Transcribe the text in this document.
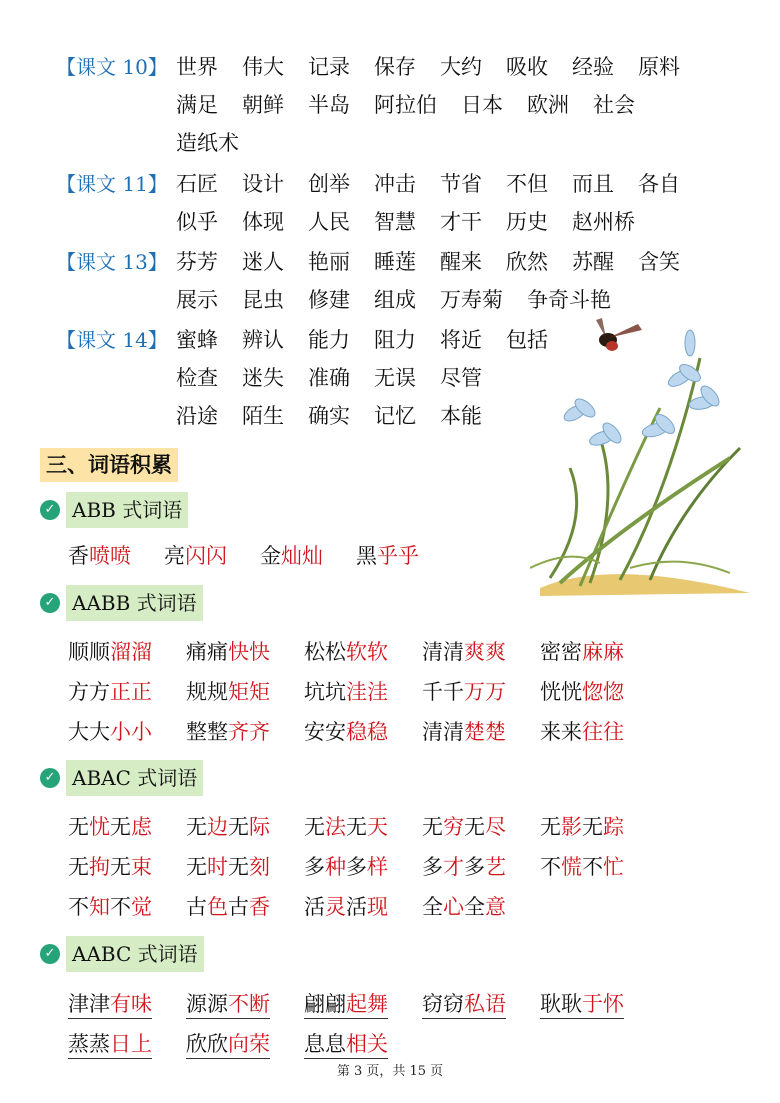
【课文 10】 世界 伟大 记录 保存 大约 吸收 经验 原料
满足 朝鲜 半岛 阿拉伯 日本 欧洲 社会
造纸术
【课文 11】 石匠 设计 创举 冲击 节省 不但 而且 各自
似乎 体现 人民 智慧 才干 历史 赵州桥
【课文 13】 芬芳 迷人 艳丽 睡莲 醒来 欣然 苏醒 含笑
展示 昆虫 修建 组成 万寿菊 争奇斗艳
【课文 14】 蜜蜂 辨认 能力 阻力 将近 包括
检查 迷失 准确 无误 尽管
沿途 陌生 确实 记忆 本能
三、词语积累
✓ ABB 式词语
香喷喷 亮闪闪 金灿灿 黑乎乎
✓ AABB 式词语
顺顺溜溜 痛痛快快 松松软软 清清爽爽 密密麻麻
方方正正 规规矩矩 坑坑洼洼 千千万万 恍恍惚惚
大大小小 整整齐齐 安安稳稳 清清楚楚 来来往往
✓ ABAC 式词语
无忧无虑 无边无际 无法无天 无穷无尽 无影无踪
无拘无束 无时无刻 多种多样 多才多艺 不慌不忙
不知不觉 古色古香 活灵活现 全心全意
✓ AABC 式词语
津津有味 源源不断 翩翩起舞 窃窃私语 耿耿于怀
蒸蒸日上 欣欣向荣 息息相关
第 3 页，共 15 页
